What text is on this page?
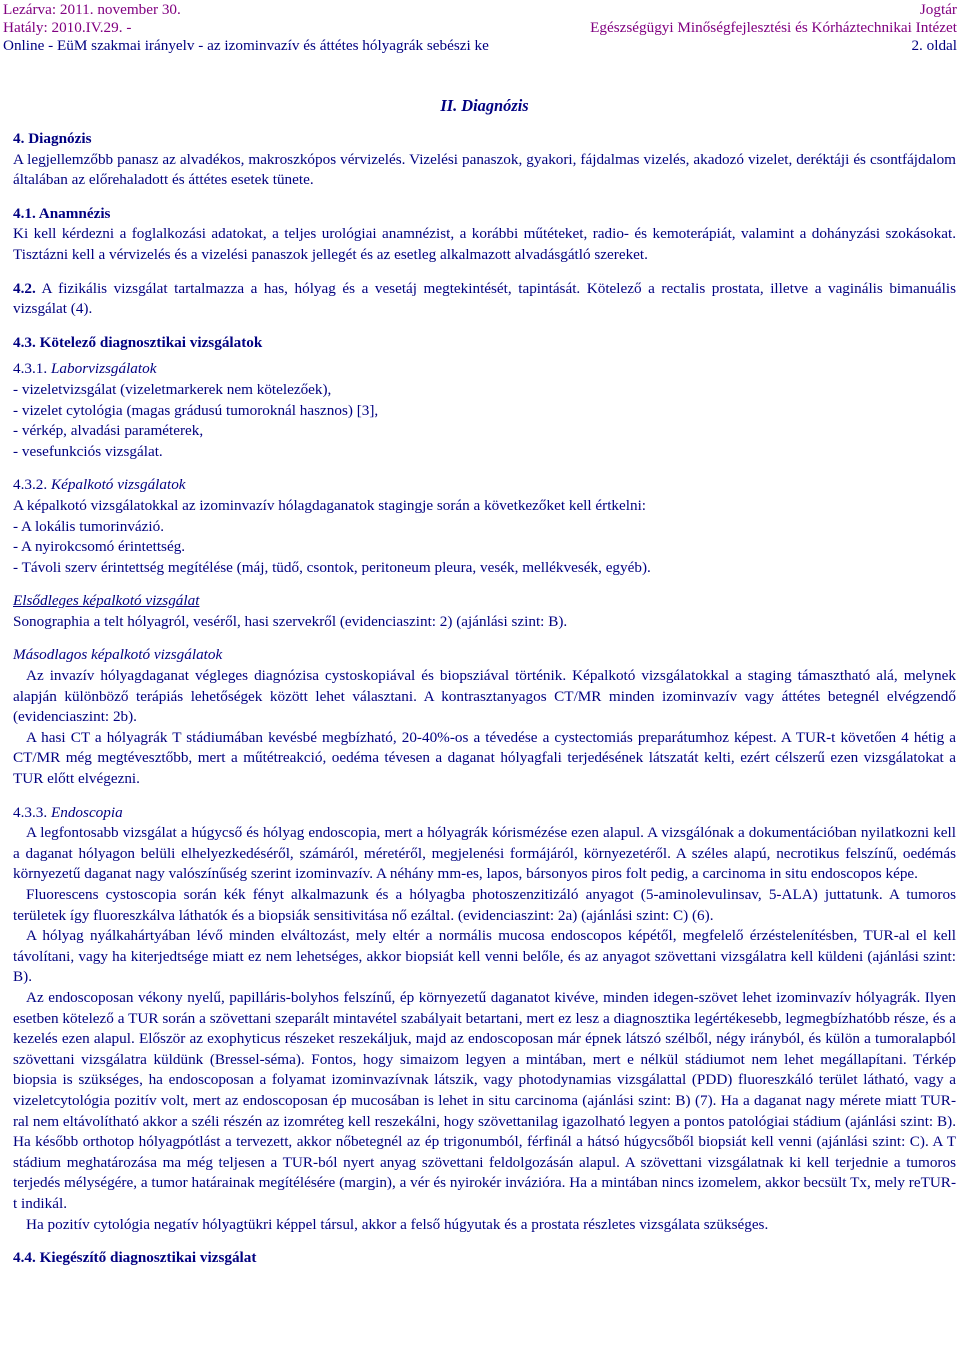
Lezárva: 2011. november 30.	Jogtár
Hatály: 2010.IV.29. -	Egészségügyi Minőségfejlesztési és Kórháztechnikai Intézet
Online - EüM szakmai irányelv - az izominvazív és áttétes hólyagrák sebészi ke	2. oldal
II. Diagnózis

4. Diagnózis

A legjellemzőbb panasz az alvadékos, makroszkópos vérvizelés. Vizelési panaszok, gyakori, fájdalmas vizelés, akadozó vizelet, deréktáji és csontfájdalom általában az előrehaladott és áttétes esetek tünete.

4.1. Anamnézis

Ki kell kérdezni a foglalkozási adatokat, a teljes urológiai anamnézist, a korábbi műtéteket, radio- és kemoterápiát, valamint a dohányzási szokásokat. Tisztázni kell a vérvizelés és a vizelési panaszok jellegét és az esetleg alkalmazott alvadásgátló szereket.

4.2. A fizikális vizsgálat tartalmazza a has, hólyag és a vesetáj megtekintését, tapintását. Kötelező a rectalis prostata, illetve a vaginális bimanuális vizsgálat (4).

4.3. Kötelező diagnosztikai vizsgálatok

4.3.1. Laborvizsgálatok

- vizeletvizsgálat (vizeletmarkerek nem kötelezőek),

- vizelet cytológia (magas grádusú tumoroknál hasznos) [3],

- vérkép, alvadási paraméterek,

- vesefunkciós vizsgálat.

4.3.2. Képalkotó vizsgálatok

A képalkotó vizsgálatokkal az izominvazív hólagdaganatok stagingje során a következőket kell értkelni:

- A lokális tumorinvázió.

- A nyirokcsomó érintettség.

- Távoli szerv érintettség megítélése (máj, tüdő, csontok, peritoneum pleura, vesék, mellékvesék, egyéb).

Elsődleges képalkotó vizsgálat

Sonographia a telt hólyagról, veséről, hasi szervekről (evidenciaszint: 2) (ajánlási szint: B).

Másodlagos képalkotó vizsgálatok

Az invazív hólyagdaganat végleges diagnózisa cystoskopiával és biopsziával történik. Képalkotó vizsgálatokkal a staging támasztható alá, melynek alapján különböző terápiás lehetőségek között lehet választani. A kontrasztanyagos CT/MR minden izominvazív vagy áttétes betegnél elvégzendő (evidenciaszint: 2b).

A hasi CT a hólyagrák T stádiumában kevésbé megbízható, 20-40%-os a tévedése a cystectomiás preparátumhoz képest. A TUR-t követően 4 hétig a CT/MR még megtévesztőbb, mert a műtétreakció, oedéma tévesen a daganat hólyagfali terjedésének látszatát kelti, ezért célszerű ezen vizsgálatokat a TUR előtt elvégezni.

4.3.3. Endoscopia

A legfontosabb vizsgálat a húgycső és hólyag endoscopia, mert a hólyagrák kórismézése ezen alapul. A vizsgálónak a dokumentációban nyilatkozni kell a daganat hólyagon belüli elhelyezkedéséről, számáról, méretéről, megjelenési formájáról, környezetéről. A széles alapú, necrotikus felszínű, oedémás környezetű daganat nagy valószínűség szerint izominvazív. A néhány mm-es, lapos, bársonyos piros folt pedig, a carcinoma in situ endoscopos képe.

Fluorescens cystoscopia során kék fényt alkalmazunk és a hólyagba photoszenzitizáló anyagot (5-aminolevulinsav, 5-ALA) juttatunk. A tumoros területek így fluoreszkálva láthatók és a biopsiák sensitivitása nő ezáltal. (evidenciaszint: 2a) (ajánlási szint: C) (6).

A hólyag nyálkahártyában lévő minden elváltozást, mely eltér a normális mucosa endoscopos képétől, megfelelő érzéstelenítésben, TUR-al el kell távolítani, vagy ha kiterjedtsége miatt ez nem lehetséges, akkor biopsiát kell venni belőle, és az anyagot szövettani vizsgálatra kell küldeni (ajánlási szint: B).

Az endoscoposan vékony nyelű, papilláris-bolyhos felszínű, ép környezetű daganatot kivéve, minden idegen-szövet lehet izominvazív hólyagrák. Ilyen esetben kötelező a TUR során a szövettani szeparált mintavétel szabályait betartani, mert ez lesz a diagnosztika legértékesebb, legmegbízhatóbb része, és a kezelés ezen alapul. Először az exophyticus részeket reszekáljuk, majd az endoscoposan már épnek látszó szélből, négy irányból, és külön a tumoralapból szövettani vizsgálatra küldünk (Bressel-séma). Fontos, hogy simaizom legyen a mintában, mert e nélkül stádiumot nem lehet megállapítani. Térkép biopsia is szükséges, ha endoscoposan a folyamat izominvazívnak látszik, vagy photodynamias vizsgálattal (PDD) fluoreszkáló terület látható, vagy a vizeletcytológia pozitív volt, mert az endoscoposan ép mucosában is lehet in situ carcinoma (ajánlási szint: B) (7). Ha a daganat nagy mérete miatt TUR-ral nem eltávolítható akkor a széli részén az izomréteg kell reszekálni, hogy szövettanilag igazolható legyen a pontos patológiai stádium (ajánlási szint: B). Ha később orthotop hólyagpótlást a tervezett, akkor nőbetegnél az ép trigonumból, férfinál a hátsó húgycsőből biopsiát kell venni (ajánlási szint: C). A T stádium meghatározása ma még teljesen a TUR-ból nyert anyag szövettani feldolgozásán alapul. A szövettani vizsgálatnak ki kell terjednie a tumoros terjedés mélységére, a tumor határainak megítélésére (margin), a vér és nyirokér invázióra. Ha a mintában nincs izomelem, akkor becsült Tx, mely reTUR-t indikál.

Ha pozitív cytológia negatív hólyagtükri képpel társul, akkor a felső húgyutak és a prostata részletes vizsgálata szükséges.

4.4. Kiegészítő diagnosztikai vizsgálat
